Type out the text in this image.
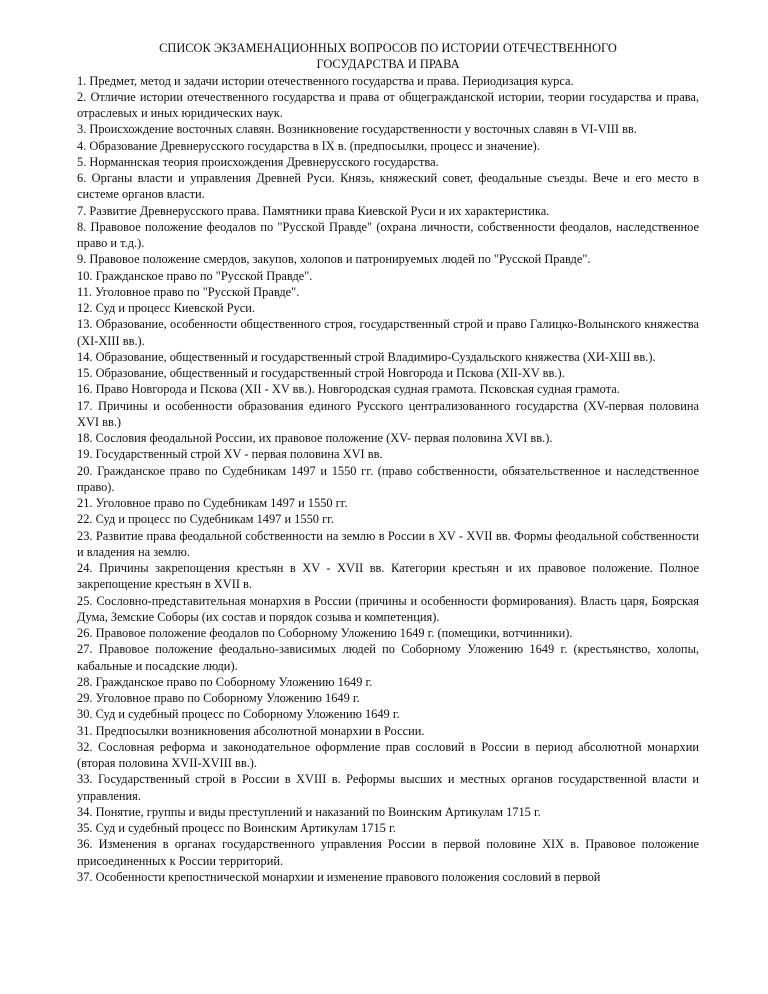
СПИСОК ЭКЗАМЕНАЦИОННЫХ ВОПРОСОВ ПО ИСТОРИИ ОТЕЧЕСТВЕННОГО
ГОСУДАРСТВА И ПРАВА

1. Предмет, метод и задачи истории отечественного государства и права. Периодизация курса.

2. Отличие истории отечественного государства и права от общегражданской истории, теории государства и права, отраслевых и иных юридических наук.

3. Происхождение восточных славян. Возникновение государственности у восточных славян в VI-VIII вв.

4. Образование Древнерусского государства в IX в. (предпосылки, процесс и значение).

5. Норманнская теория происхождения Древнерусского государства.

6. Органы власти и управления Древней Руси. Князь, княжеский совет, феодальные съезды. Вече и его место в системе органов власти.

7. Развитие Древнерусского права. Памятники права Киевской Руси и их характеристика.

8. Правовое положение феодалов по "Русской Правде" (охрана личности, собственности феодалов, наследственное право и т.д.).

9. Правовое положение смердов, закупов, холопов и патронируемых людей по "Русской Правде".

10. Гражданское право по "Русской Правде".

11. Уголовное право по "Русской Правде".

12. Суд и процесс Киевской Руси.

13. Образование, особенности общественного строя, государственный строй и право Галицко-Волынского княжества (XI-XIII вв.).

14. Образование, общественный и государственный строй Владимиро-Суздальского княжества (ХИ-ХШ вв.).

15. Образование, общественный и государственный строй Новгорода и Пскова (XII-XV вв.).

16. Право Новгорода и Пскова (XII - XV вв.). Новгородская судная грамота. Псковская судная грамота.

17. Причины и особенности образования единого Русского централизованного государства (XV-первая половина XVI вв.)

18. Сословия феодальной России, их правовое положение (XV- первая половина XVI вв.).

19. Государственный строй XV - первая половина XVI вв.

20. Гражданское право по Судебникам 1497 и 1550 гг. (право собственности, обязательственное и наследственное право).

21. Уголовное право по Судебникам 1497 и 1550 гг.

22. Суд и процесс по Судебникам 1497 и 1550 гг.

23. Развитие права феодальной собственности на землю в России в XV - XVII вв. Формы феодальной собственности и владения на землю.

24. Причины закрепощения крестьян в XV - XVII вв. Категории крестьян и их правовое положение. Полное закрепощение крестьян в XVII в.

25. Сословно-представительная монархия в России (причины и особенности формирования). Власть царя, Боярская Дума, Земские Соборы (их состав и порядок созыва и компетенция).

26. Правовое положение феодалов по Соборному Уложению 1649 г. (помещики, вотчинники).

27. Правовое положение феодально-зависимых людей по Соборному Уложению 1649 г. (крестьянство, холопы, кабальные и посадские люди).

28. Гражданское право по Соборному Уложению 1649 г.

29. Уголовное право по Соборному Уложению 1649 г.

30. Суд и судебный процесс по Соборному Уложению 1649 г.

31. Предпосылки возникновения абсолютной монархии в России.

32. Сословная реформа и законодательное оформление прав сословий в России в период абсолютной монархии (вторая половина XVII-XVIII вв.).

33. Государственный строй в России в XVIII в. Реформы высших и местных органов государственной власти и управления.

34. Понятие, группы и виды преступлений и наказаний по Воинским Артикулам 1715 г.

35. Суд и судебный процесс по Воинским Артикулам 1715 г.

36. Изменения в органах государственного управления России в первой половине XIX в. Правовое положение присоединенных к России территорий.

37. Особенности крепостнической монархии и изменение правового положения сословий в первой
